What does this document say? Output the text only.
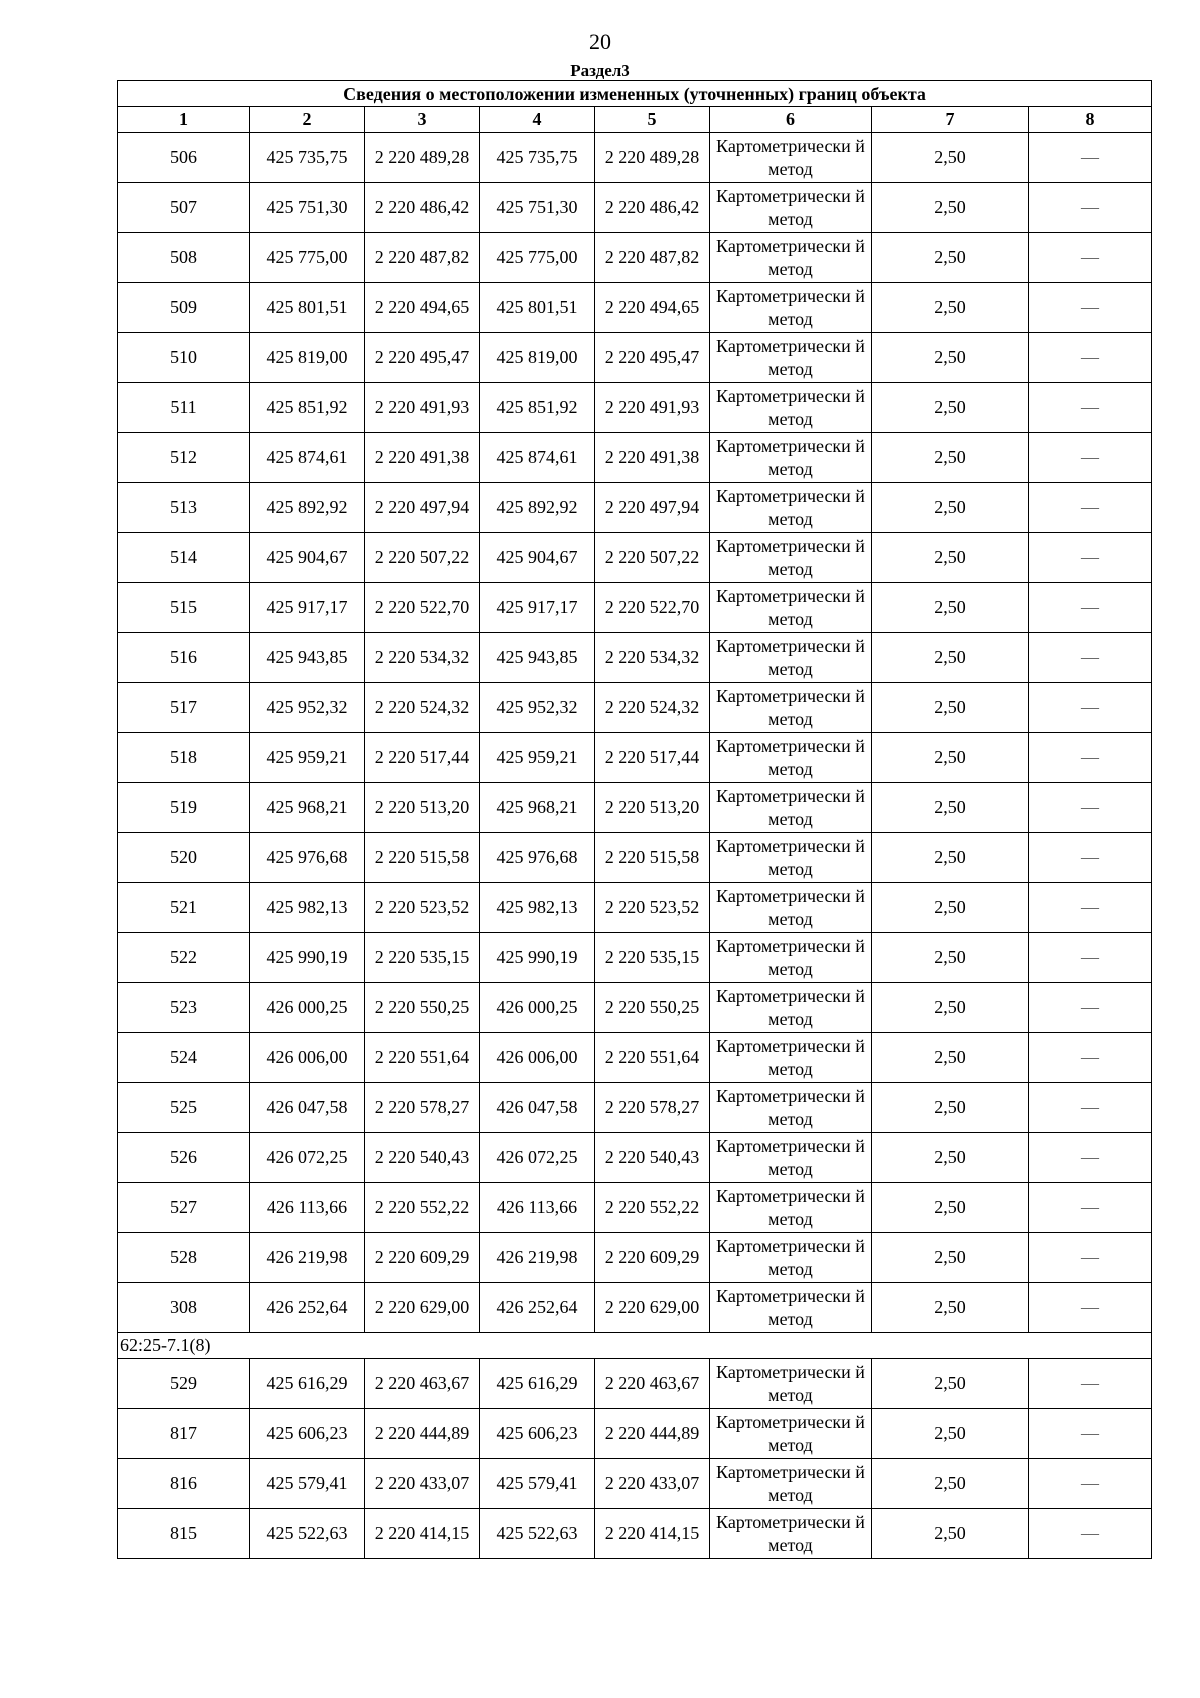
20
Раздел3
Сведения о местоположении измененных (уточненных) границ объекта							
1	2	3	4	5	6	7	8
506	425 735,75	2 220 489,28	425 735,75	2 220 489,28	Картометрически й метод	2,50	—
507	425 751,30	2 220 486,42	425 751,30	2 220 486,42	Картометрически й метод	2,50	—
508	425 775,00	2 220 487,82	425 775,00	2 220 487,82	Картометрически й метод	2,50	—
509	425 801,51	2 220 494,65	425 801,51	2 220 494,65	Картометрически й метод	2,50	—
510	425 819,00	2 220 495,47	425 819,00	2 220 495,47	Картометрически й метод	2,50	—
511	425 851,92	2 220 491,93	425 851,92	2 220 491,93	Картометрически й метод	2,50	—
512	425 874,61	2 220 491,38	425 874,61	2 220 491,38	Картометрически й метод	2,50	—
513	425 892,92	2 220 497,94	425 892,92	2 220 497,94	Картометрически й метод	2,50	—
514	425 904,67	2 220 507,22	425 904,67	2 220 507,22	Картометрически й метод	2,50	—
515	425 917,17	2 220 522,70	425 917,17	2 220 522,70	Картометрически й метод	2,50	—
516	425 943,85	2 220 534,32	425 943,85	2 220 534,32	Картометрически й метод	2,50	—
517	425 952,32	2 220 524,32	425 952,32	2 220 524,32	Картометрически й метод	2,50	—
518	425 959,21	2 220 517,44	425 959,21	2 220 517,44	Картометрически й метод	2,50	—
519	425 968,21	2 220 513,20	425 968,21	2 220 513,20	Картометрически й метод	2,50	—
520	425 976,68	2 220 515,58	425 976,68	2 220 515,58	Картометрически й метод	2,50	—
521	425 982,13	2 220 523,52	425 982,13	2 220 523,52	Картометрически й метод	2,50	—
522	425 990,19	2 220 535,15	425 990,19	2 220 535,15	Картометрически й метод	2,50	—
523	426 000,25	2 220 550,25	426 000,25	2 220 550,25	Картометрически й метод	2,50	—
524	426 006,00	2 220 551,64	426 006,00	2 220 551,64	Картометрически й метод	2,50	—
525	426 047,58	2 220 578,27	426 047,58	2 220 578,27	Картометрически й метод	2,50	—
526	426 072,25	2 220 540,43	426 072,25	2 220 540,43	Картометрически й метод	2,50	—
527	426 113,66	2 220 552,22	426 113,66	2 220 552,22	Картометрически й метод	2,50	—
528	426 219,98	2 220 609,29	426 219,98	2 220 609,29	Картометрически й метод	2,50	—
308	426 252,64	2 220 629,00	426 252,64	2 220 629,00	Картометрически й метод	2,50	—
62:25-7.1(8)							
529	425 616,29	2 220 463,67	425 616,29	2 220 463,67	Картометрически й метод	2,50	—
817	425 606,23	2 220 444,89	425 606,23	2 220 444,89	Картометрически й метод	2,50	—
816	425 579,41	2 220 433,07	425 579,41	2 220 433,07	Картометрически й метод	2,50	—
815	425 522,63	2 220 414,15	425 522,63	2 220 414,15	Картометрически й метод	2,50	—
